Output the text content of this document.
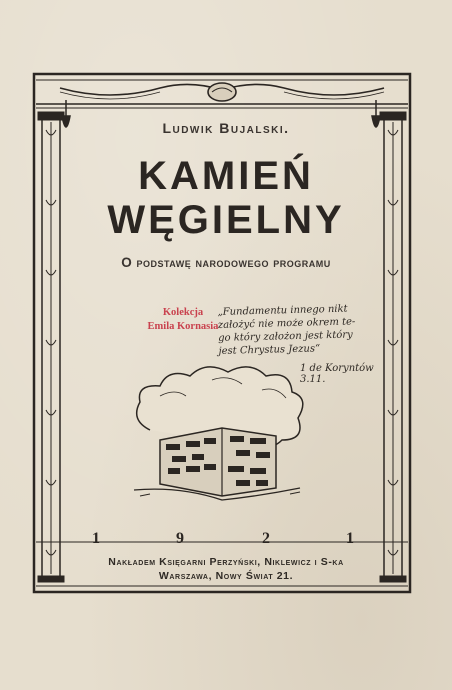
Ludwik Bujalski.
KAMIEŃ
WĘGIELNY
O podstawę narodowego programu
Kolekcja
Emila Kornasia
„Fundamentu innego nikt
założyć nie może okrem te-
go który założon jest który
jest Chrystus Jezus“
1 de Koryntów 3.11.
1	9	2	1
Nakładem Księgarni Perzyński, Niklewicz i S-ka
Warszawa, Nowy Świat 21.
